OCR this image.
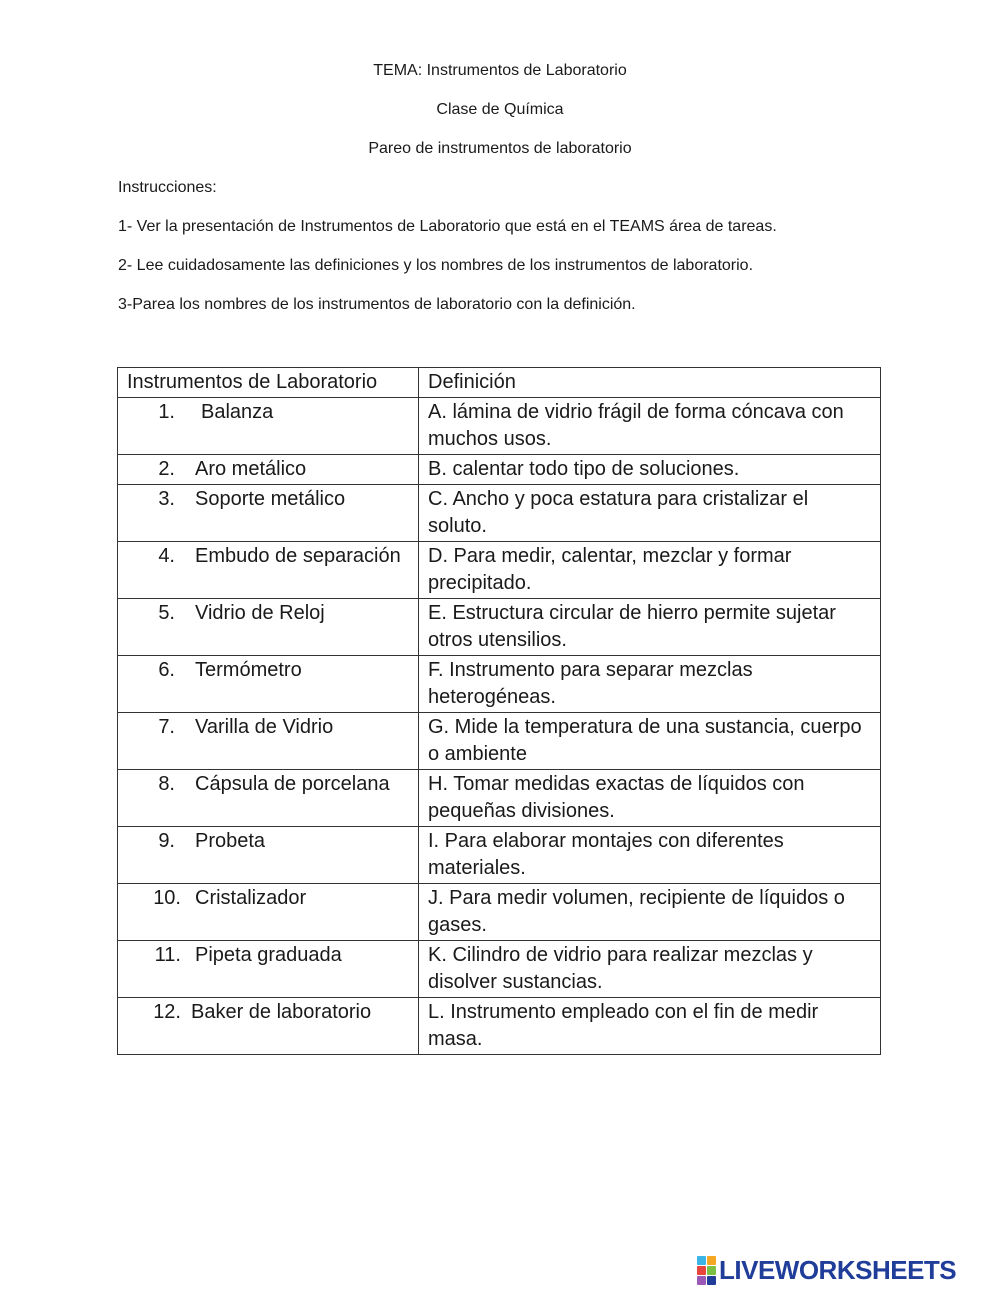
TEMA: Instrumentos de Laboratorio
Clase de Química
Pareo de instrumentos de laboratorio
Instrucciones:
1- Ver la presentación de Instrumentos de Laboratorio que está en el TEAMS área de tareas.
2- Lee cuidadosamente las definiciones y los nombres de los instrumentos de laboratorio.
3-Parea los nombres de los instrumentos de laboratorio con la definición.
Instrumentos de Laboratorio	Definición
1. Balanza	A. lámina de vidrio frágil de forma cóncava con muchos usos.
2. Aro metálico	B. calentar todo tipo de soluciones.
3. Soporte metálico	C. Ancho y poca estatura para cristalizar el soluto.
4. Embudo de separación	D. Para medir, calentar, mezclar y formar precipitado.
5. Vidrio de Reloj	E. Estructura circular de hierro permite sujetar otros utensilios.
6. Termómetro	F. Instrumento para separar mezclas heterogéneas.
7. Varilla de Vidrio	G. Mide la temperatura de una sustancia, cuerpo o ambiente
8. Cápsula de porcelana	H. Tomar medidas exactas de líquidos con pequeñas divisiones.
9. Probeta	I. Para elaborar montajes con diferentes materiales.
10. Cristalizador	J. Para medir volumen, recipiente de líquidos o gases.
11. Pipeta graduada	K. Cilindro de vidrio para realizar mezclas y disolver sustancias.
12. Baker de laboratorio	L. Instrumento empleado con el fin de medir masa.
LIVEWORKSHEETS
